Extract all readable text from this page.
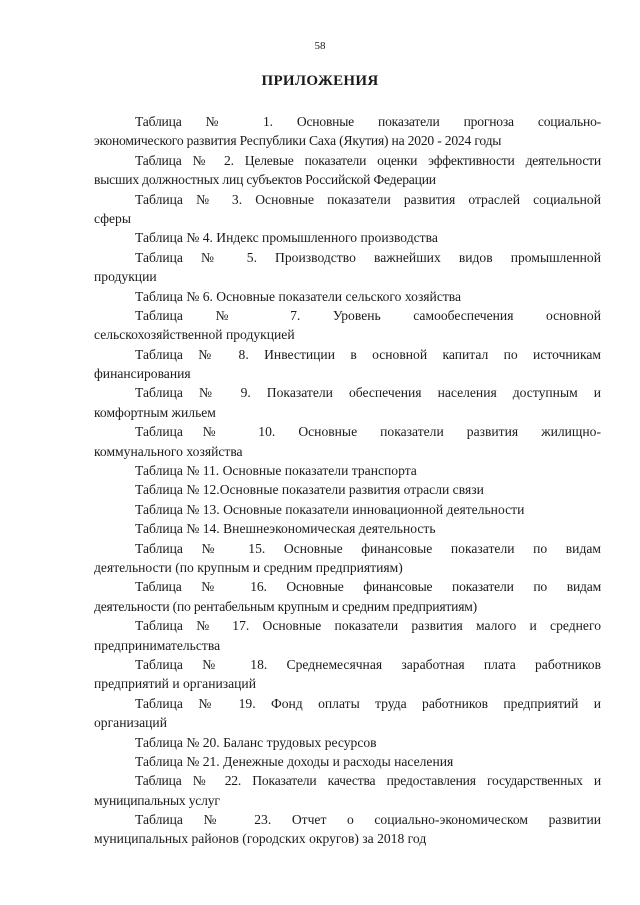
58
ПРИЛОЖЕНИЯ
Таблица № 1. Основные показатели прогноза социально-
экономического развития Республики Саха (Якутия) на 2020 - 2024 годы
Таблица № 2. Целевые показатели оценки эффективности деятельности
высших должностных лиц субъектов Российской Федерации
Таблица № 3. Основные показатели развития отраслей социальной
сферы
Таблица № 4. Индекс промышленного производства
Таблица № 5. Производство важнейших видов промышленной
продукции
Таблица № 6. Основные показатели сельского хозяйства
Таблица № 7. Уровень самообеспечения основной
сельскохозяйственной продукцией
Таблица № 8. Инвестиции в основной капитал по источникам
финансирования
Таблица № 9. Показатели обеспечения населения доступным и
комфортным жильем
Таблица№ 10. Основные показатели развития жилищно-
коммунального хозяйства
Таблица № 11. Основные показатели транспорта
Таблица № 12.Основные показатели развития отрасли связи
Таблица № 13. Основные показатели инновационной деятельности
Таблица № 14. Внешнеэкономическая деятельность
Таблица № 15. Основные финансовые показатели по видам
деятельности (по крупным и средним предприятиям)
Таблица № 16. Основные финансовые показатели по видам
деятельности (по рентабельным крупным и средним предприятиям)
Таблица № 17. Основные показатели развития малого и среднего
предпринимательства
Таблица № 18. Среднемесячная заработная плата работников
предприятий и организаций
Таблица № 19. Фонд оплаты труда работников предприятий и
организаций
Таблица № 20. Баланс трудовых ресурсов
Таблица № 21. Денежные доходы и расходы населения
Таблица № 22. Показатели качества предоставления государственных и
муниципальных услуг
Таблица № 23. Отчет о социально-экономическом развитии
муниципальных районов (городских округов) за 2018 год
